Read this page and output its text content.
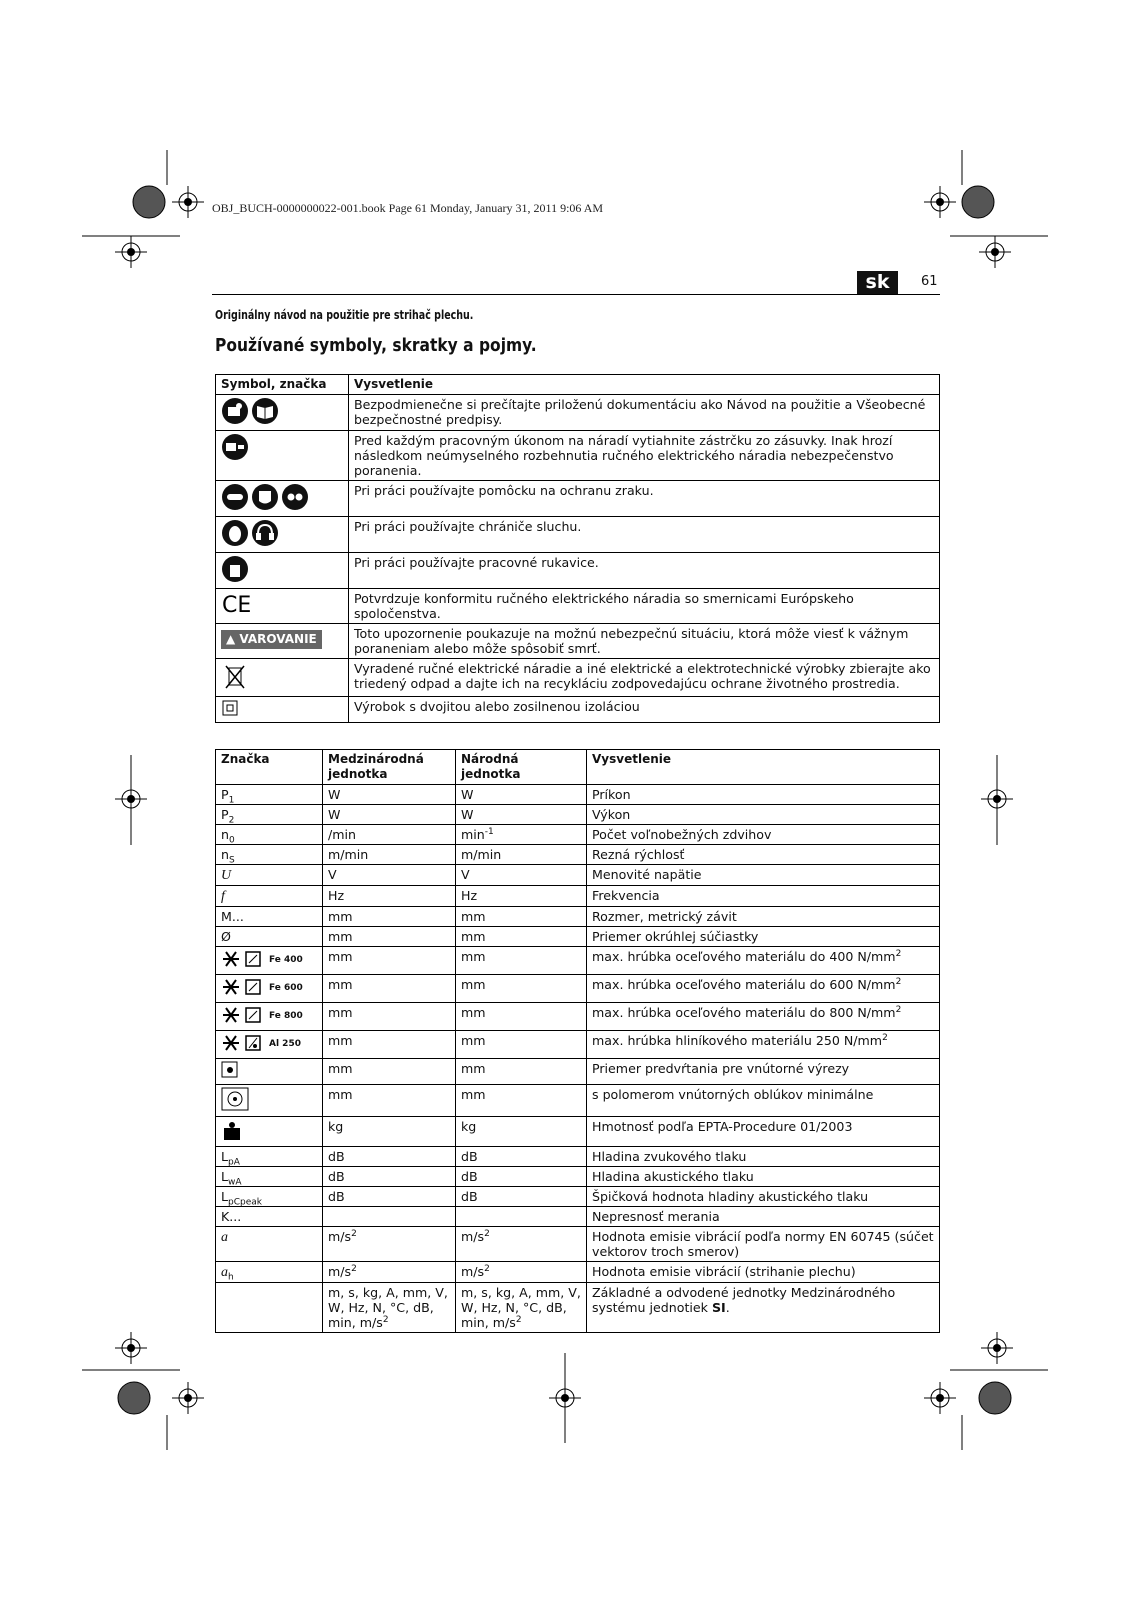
OBJ_BUCH-0000000022-001.book Page 61 Monday, January 31, 2011 9:06 AM
sk	61
Originálny návod na použitie pre strihač plechu.
Používané symboly, skratky a pojmy.
Symbol, značka	Vysvetlenie
	Bezpodmienečne si prečítajte priloženú dokumentáciu ako Návod na použitie a Všeobecné bezpečnostné predpisy.
	Pred každým pracovným úkonom na náradí vytiahnite zástrčku zo zásuvky. Inak hrozí následkom neúmyselného rozbehnutia ručného elektrického náradia nebezpečenstvo poranenia.
	Pri práci používajte pomôcku na ochranu zraku.
	Pri práci používajte chrániče sluchu.
	Pri práci používajte pracovné rukavice.

CE	Potvrdzuje konformitu ručného elektrického náradia so smernicami Európskeho spoločenstva.
▲ VAROVANIE	Toto upozornenie poukazuje na možnú nebezpečnú situáciu, ktorá môže viesť k vážnym poraneniam alebo môže spôsobiť smrť.
	Vyradené ručné elektrické náradie a iné elektrické a elektrotechnické výrobky zbierajte ako triedený odpad a dajte ich na recykláciu zodpovedajúcu ochrane životného prostredia.
	Výrobok s dvojitou alebo zosilnenou izoláciou
Značka	Medzinárodná jednotka	Národná jednotka	Vysvetlenie
$P_1$	W	W	Príkon
$P_2$	W	W	Výkon
$n_0$	/min	$\min^{-1}$	Počet voľnobežných zdvihov
$n_S$	m/min	m/min	Rezná rýchlosť
U	V	V	Menovité napätie
f	Hz	Hz	Frekvencia
M...	mm	mm	Rozmer, metrický závit
Ø	mm	mm	Priemer okrúhlej súčiastky
Fe 400	mm	mm	max. hrúbka oceľového materiálu do 400 $N/mm^2$
Fe 600	mm	mm	max. hrúbka oceľového materiálu do 600 $N/mm^2$
Fe 800	mm	mm	max. hrúbka oceľového materiálu do 800 $N/mm^2$
Al 250	mm	mm	max. hrúbka hliníkového materiálu 250 $N/mm^2$
	mm	mm	Priemer predvŕtania pre vnútorné výrezy
	mm	mm	s polomerom vnútorných oblúkov minimálne
	kg	kg	Hmotnosť podľa EPTA-Procedure 01/2003
$L_{pA}$	dB	dB	Hladina zvukového tlaku
$L_{wA}$	dB	dB	Hladina akustického tlaku
$L_{pCpeak}$	dB	dB	Špičková hodnota hladiny akustického tlaku
K...			Nepresnosť merania
a	$m/s^2$	$m/s^2$	Hodnota emisie vibrácií podľa normy EN 60745 (súčet vektorov troch smerov)
$a_h$	$m/s^2$	$m/s^2$	Hodnota emisie vibrácií (strihanie plechu)
	m, s, kg, A, mm, V, W, Hz, N, °C, dB, min, $m/s^2$	m, s, kg, A, mm, V, W, Hz, N, °C, dB, min, $m/s^2$	Základné a odvodené jednotky Medzinárodného systému jednotiek SI.
